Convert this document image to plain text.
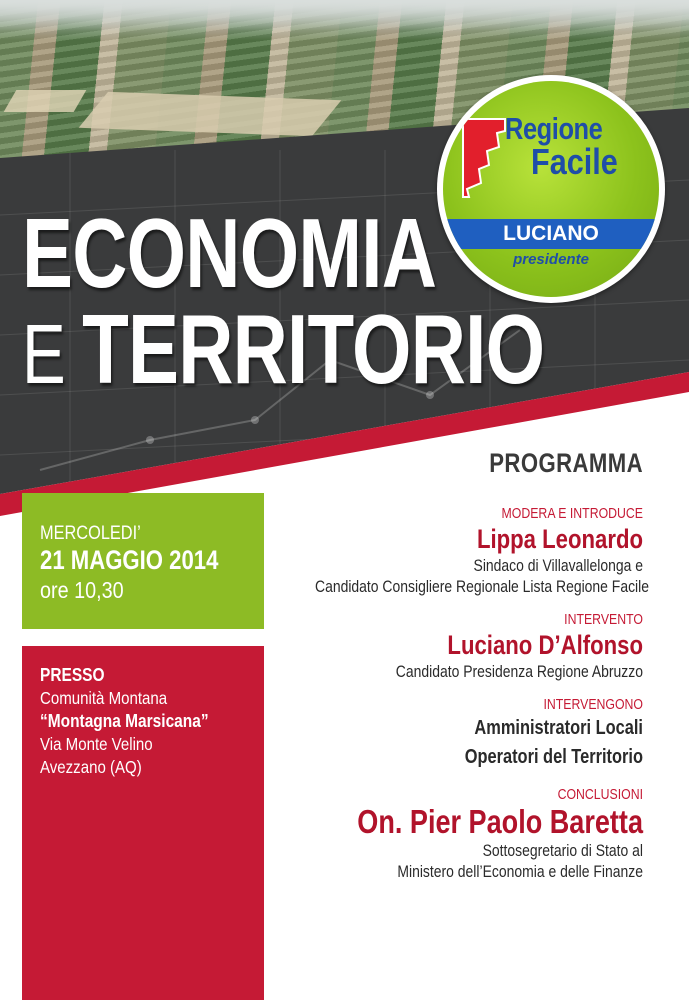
ECONOMIA
E TERRITORIO
Regione
Facile
LUCIANO
presidente
MERCOLEDI’
21 MAGGIO 2014
ore 10,30
PRESSO
Comunità Montana
“Montagna Marsicana”
Via Monte Velino
Avezzano (AQ)
PROGRAMMA
MODERA E INTRODUCE
Lippa Leonardo
Sindaco di Villavallelonga e
Candidato Consigliere Regionale Lista Regione Facile
INTERVENTO
Luciano D’Alfonso
Candidato Presidenza Regione Abruzzo
INTERVENGONO
Amministratori Locali
Operatori del Territorio
CONCLUSIONI
On. Pier Paolo Baretta
Sottosegretario di Stato al
Ministero dell’Economia e delle Finanze
